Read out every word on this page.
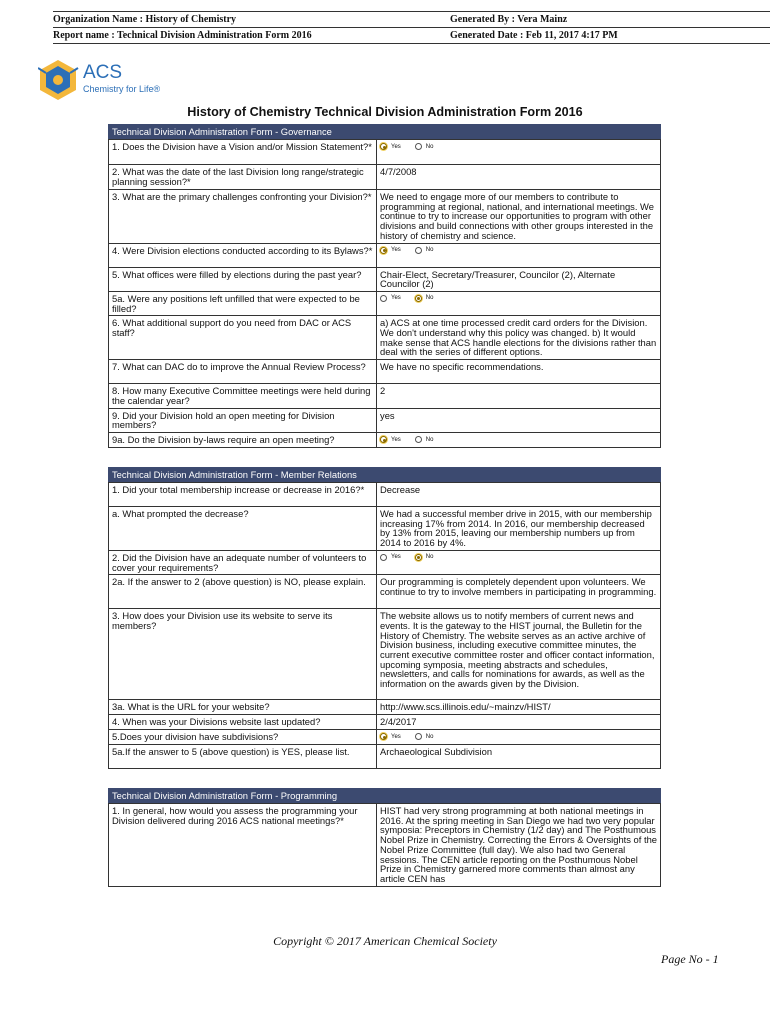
Organization Name : History of Chemistry	Generated By : Vera Mainz
Report name : Technical Division Administration Form 2016	Generated Date : Feb 11, 2017 4:17 PM
ACS
Chemistry for Life®
History of Chemistry Technical Division Administration Form 2016
Technical Division Administration Form - Governance
1. Does the Division have a Vision and/or Mission Statement?*	Yes No

2. What was the date of the last Division long range/strategic planning session?*	4/7/2008
3. What are the primary challenges confronting your Division?*	We need to engage more of our members to contribute to programming at regional, national, and international meetings. We continue to try to increase our opportunities to program with other divisions and build connections with other groups interested in the history of chemistry and science.
4. Were Division elections conducted according to its Bylaws?*	Yes No

5. What offices were filled by elections during the past year?	Chair-Elect, Secretary/Treasurer, Councilor (2), Alternate Councilor (2)
5a. Were any positions left unfilled that were expected to be filled?	Yes No

6. What additional support do you need from DAC or ACS staff?	a) ACS at one time processed credit card orders for the Division. We don't understand why this policy was changed. b) It would make sense that ACS handle elections for the divisions rather than deal with the series of different options.
7. What can DAC do to improve the Annual Review Process?	We have no specific recommendations.
8. How many Executive Committee meetings were held during the calendar year?	2
9. Did your Division hold an open meeting for Division members?	yes
9a. Do the Division by-laws require an open meeting?	Yes No
Technical Division Administration Form - Member Relations
1. Did your total membership increase or decrease in 2016?*	Decrease
a. What prompted the decrease?	We had a successful member drive in 2015, with our membership increasing 17% from 2014. In 2016, our membership decreased by 13% from 2015, leaving our membership numbers up from 2014 to 2016 by 4%.
2. Did the Division have an adequate number of volunteers to cover your requirements?	Yes No

2a. If the answer to 2 (above question) is NO, please explain.	Our programming is completely dependent upon volunteers. We continue to try to involve members in participating in programming.
3. How does your Division use its website to serve its members?	The website allows us to notify members of current news and events. It is the gateway to the HIST journal, the Bulletin for the History of Chemistry. The website serves as an active archive of Division business, including executive committee minutes, the current executive committee roster and officer contact information, upcoming symposia, meeting abstracts and schedules, newsletters, and calls for nominations for awards, as well as the information on the awards given by the Division.
3a. What is the URL for your website?	http://www.scs.illinois.edu/~mainzv/HIST/
4. When was your Divisions website last updated?	2/4/2017
5.Does your division have subdivisions?	Yes No

5a.If the answer to 5 (above question) is YES, please list.	Archaeological Subdivision
Technical Division Administration Form - Programming
1. In general, how would you assess the programming your Division delivered during 2016 ACS national meetings?*	HIST had very strong programming at both national meetings in 2016. At the spring meeting in San Diego we had two very popular symposia: Preceptors in Chemistry (1/2 day) and The Posthumous Nobel Prize in Chemistry. Correcting the Errors & Oversights of the Nobel Prize Committee (full day). We also had two General sessions. The CEN article reporting on the Posthumous Nobel Prize in Chemistry garnered more comments than almost any article CEN has
Copyright © 2017 American Chemical Society
Page No - 1
